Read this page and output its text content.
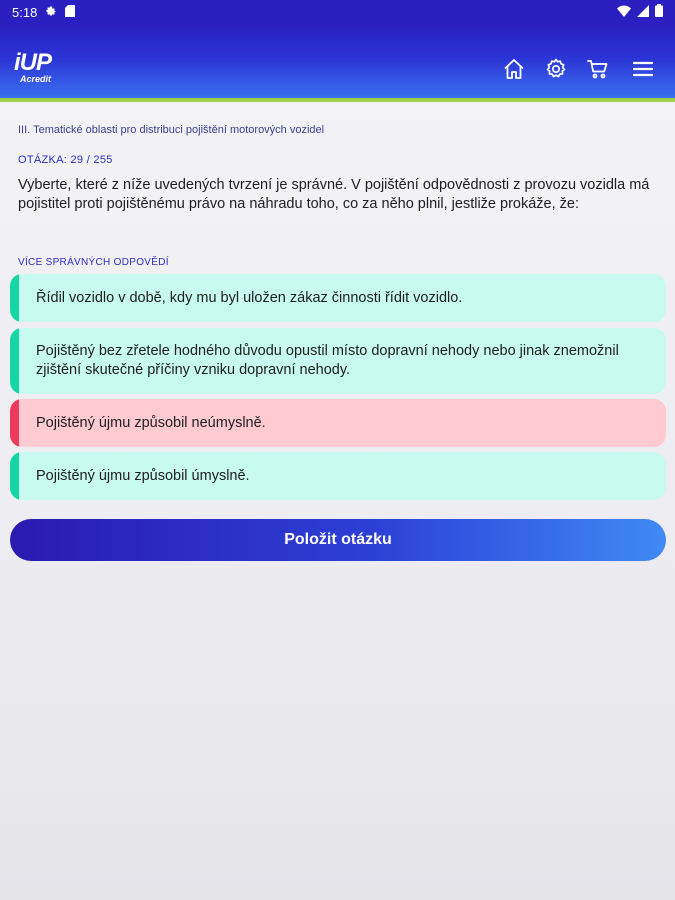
5:18
iUP
Acredit
III. Tematické oblasti pro distribuci pojištění motorových vozidel
OTÁZKA: 29 / 255
Vyberte, které z níže uvedených tvrzení je správné. V pojištění odpovědnosti z provozu vozidla má pojistitel proti pojištěnému právo na náhradu toho, co za něho plnil, jestliže prokáže, že:
VÍCE SPRÁVNÝCH ODPOVĚDÍ
Řídil vozidlo v době, kdy mu byl uložen zákaz činnosti řídit vozidlo.
Pojištěný bez zřetele hodného důvodu opustil místo dopravní nehody nebo jinak znemožnil zjištění skutečné příčiny vzniku dopravní nehody.
Pojištěný újmu způsobil neúmyslně.
Pojištěný újmu způsobil úmyslně.
Položit otázku
